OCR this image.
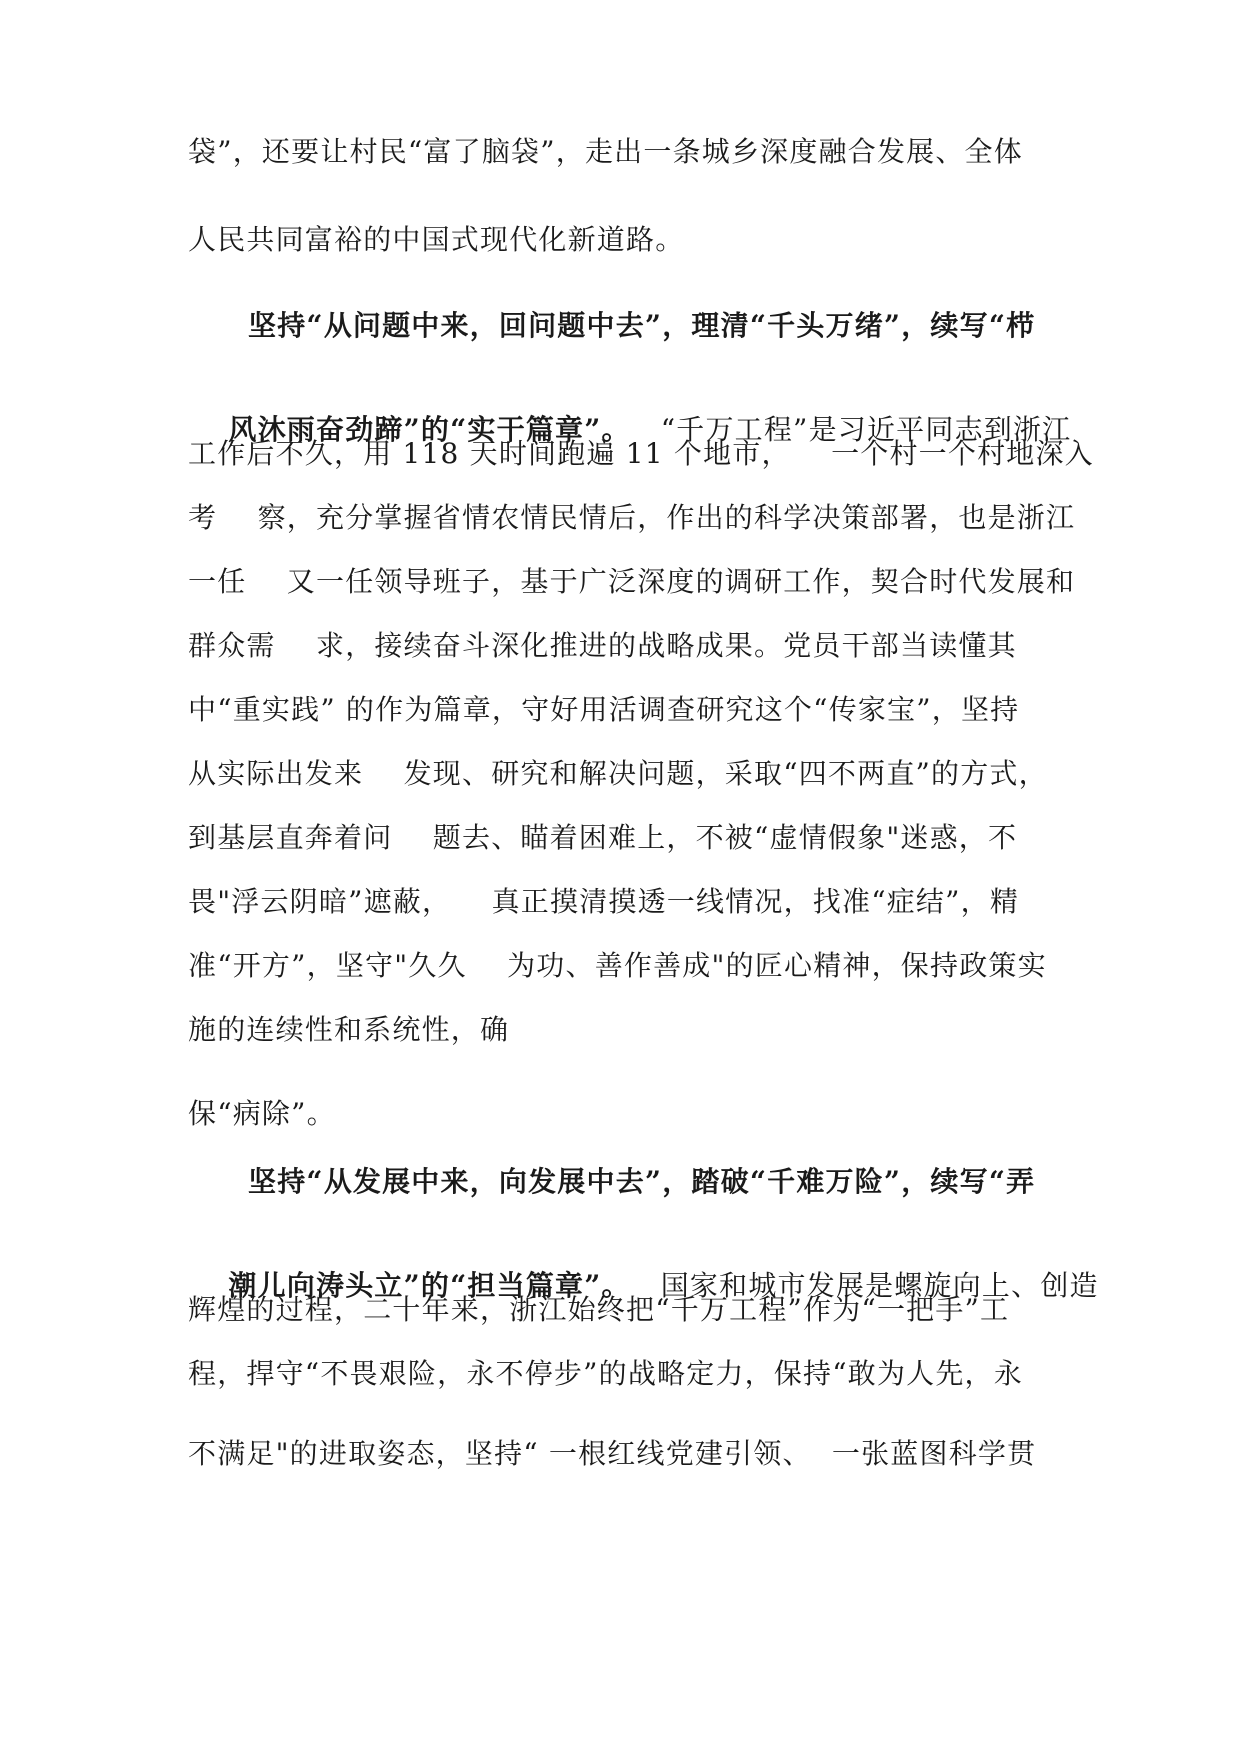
袋”，还要让村民“富了脑袋”，走出一条城乡深度融合发展、全体
人民共同富裕的中国式现代化新道路。
坚持“从问题中来，回问题中去”，理清“千头万绪”，续写“栉

风沐雨奋劲蹄”的“实干篇章”。 “千万工程”是习近平同志到浙江

工作后不久，用 118 天时间跑遍 11 个地市，    一个村一个村地深入
考    察，充分掌握省情农情民情后，作出的科学决策部署，也是浙江
一任    又一任领导班子，基于广泛深度的调研工作，契合时代发展和
群众需    求，接续奋斗深化推进的战略成果。党员干部当读懂其
中“重实践” 的作为篇章，守好用活调查研究这个“传家宝”，坚持
从实际出发来    发现、研究和解决问题，采取“四不两直”的方式，
到基层直奔着问    题去、瞄着困难上，不被“虚情假象"迷惑，不
畏"浮云阴暗”遮蔽，    真正摸清摸透一线情况，找准“症结”，精
准“开方”，坚守"久久    为功、善作善成"的匠心精神，保持政策实
施的连续性和系统性，确
保“病除”。
坚持“从发展中来，向发展中去”，踏破“千难万险”，续写“弄

潮儿向涛头立”的“担当篇章”。 国家和城市发展是螺旋向上、创造

辉煌的过程，二十年来，浙江始终把“千万工程”作为“一把手”工
程，捍守“不畏艰险，永不停步”的战略定力，保持“敢为人先，永
不满足"的进取姿态，坚持“ 一根红线党建引领、  一张蓝图科学贯
